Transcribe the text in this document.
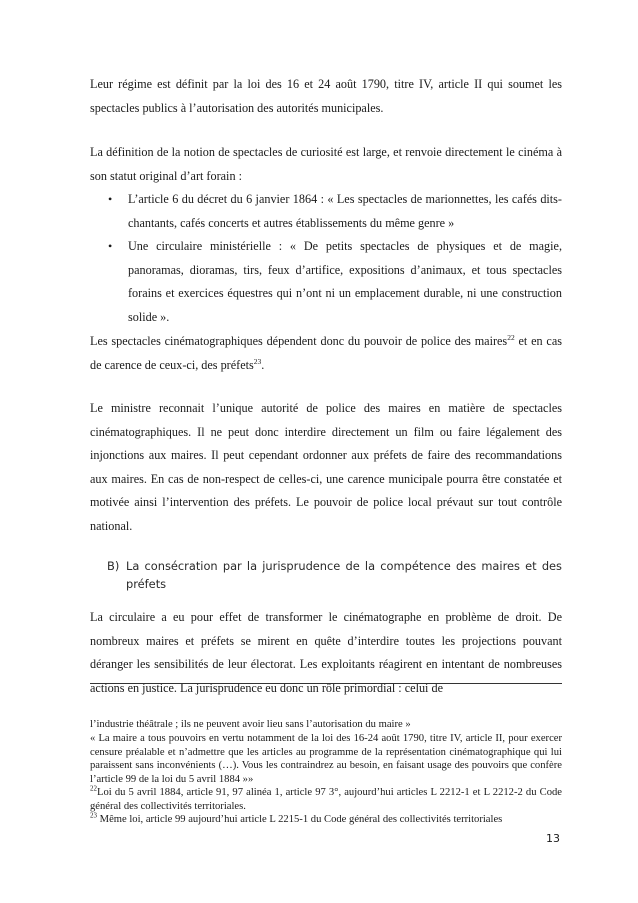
Leur régime est définit par la loi des 16 et 24 août 1790, titre IV, article II qui soumet les spectacles publics à l’autorisation des autorités municipales.

La définition de la notion de spectacles de curiosité est large, et renvoie directement le cinéma à son statut original d’art forain :

•	L’article 6 du décret du 6 janvier 1864 : « Les spectacles de marionnettes, les cafés dits-chantants, cafés concerts et autres établissements du même genre »

•	Une circulaire ministérielle : « De petits spectacles de physiques et de magie, panoramas, dioramas, tirs, feux d’artifice, expositions d’animaux, et tous spectacles forains et exercices équestres qui n’ont ni un emplacement durable, ni une construction solide ».

Les spectacles cinématographiques dépendent donc du pouvoir de police des maires$^{22}$ et en cas de carence de ceux-ci, des préfets$^{23}$.

Le ministre reconnait l’unique autorité de police des maires en matière de spectacles cinématographiques. Il ne peut donc interdire directement un film ou faire légalement des injonctions aux maires. Il peut cependant ordonner aux préfets de faire des recommandations aux maires. En cas de non-respect de celles-ci, une carence municipale pourra être constatée et motivée ainsi l’intervention des préfets. Le pouvoir de police local prévaut sur tout contrôle national.

B) La consécration par la jurisprudence de la compétence des maires et des préfets

La circulaire a eu pour effet de transformer le cinématographe en problème de droit. De nombreux maires et préfets se mirent en quête d’interdire toutes les projections pouvant déranger les sensibilités de leur électorat. Les exploitants réagirent en intentant de nombreuses actions en justice. La jurisprudence eu donc un rôle primordial : celui de

l’industrie théâtrale ; ils ne peuvent avoir lieu sans l’autorisation du maire »

« La maire a tous pouvoirs en vertu notamment de la loi des 16-24 août 1790, titre IV, article II, pour exercer censure préalable et n’admettre que les articles au programme de la représentation cinématographique qui lui paraissent sans inconvénients (…). Vous les contraindrez au besoin, en faisant usage des pouvoirs que confère l’article 99 de la loi du 5 avril 1884 »»

$^{22}$Loi du 5 avril 1884, article 91, 97 alinéa 1, article 97 3°, aujourd’hui articles L 2212-1 et L 2212-2 du Code général des collectivités territoriales.

$^{23}$ Même loi, article 99 aujourd’hui article L 2215-1 du Code général des collectivités territoriales

13
